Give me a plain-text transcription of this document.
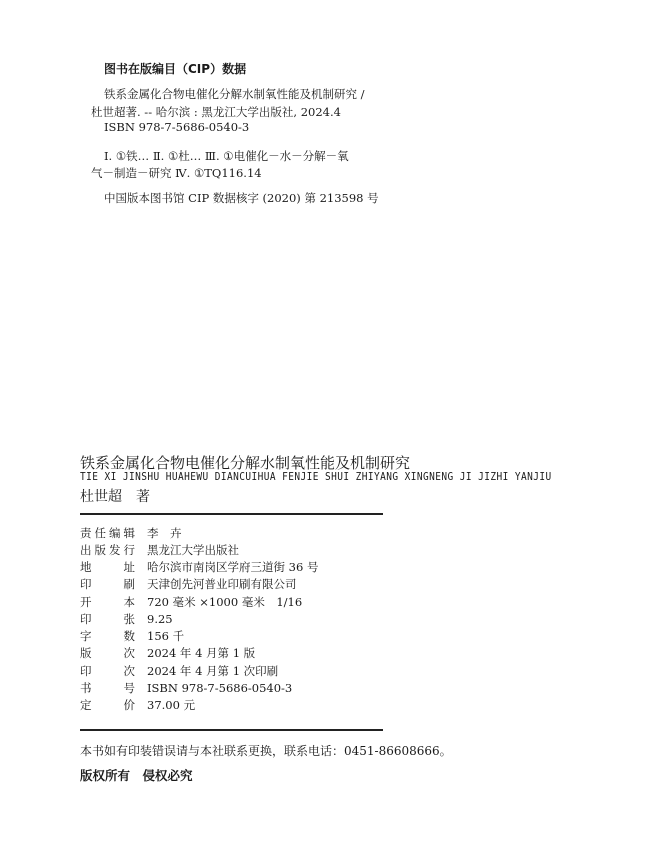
图书在版编目（CIP）数据
铁系金属化合物电催化分解水制氧性能及机制研究 /
杜世超著. -- 哈尔滨 : 黑龙江大学出版社, 2024.4
ISBN 978-7-5686-0540-3
Ⅰ. ①铁… Ⅱ. ①杜… Ⅲ. ①电催化－水－分解－氧
气－制造－研究 Ⅳ. ①TQ116.14
中国版本图书馆 CIP 数据核字 (2020) 第 213598 号
铁系金属化合物电催化分解水制氧性能及机制研究
TIE XI JINSHU HUAHEWU DIANCUIHUA FENJIE SHUI ZHIYANG XINGNENG JI JIZHI YANJIU
杜世超　著
责任编辑 李　卉
出版发行 黑龙江大学出版社
地　　址 哈尔滨市南岗区学府三道街 36 号
印　　刷 天津创先河普业印刷有限公司
开　　本 720 毫米 ×1000 毫米　1/16
印　　张 9.25
字　　数 156 千
版　　次 2024 年 4 月第 1 版
印　　次 2024 年 4 月第 1 次印刷
书　　号 ISBN 978-7-5686-0540-3
定　　价 37.00 元
本书如有印装错误请与本社联系更换，联系电话：0451-86608666。
版权所有　侵权必究
